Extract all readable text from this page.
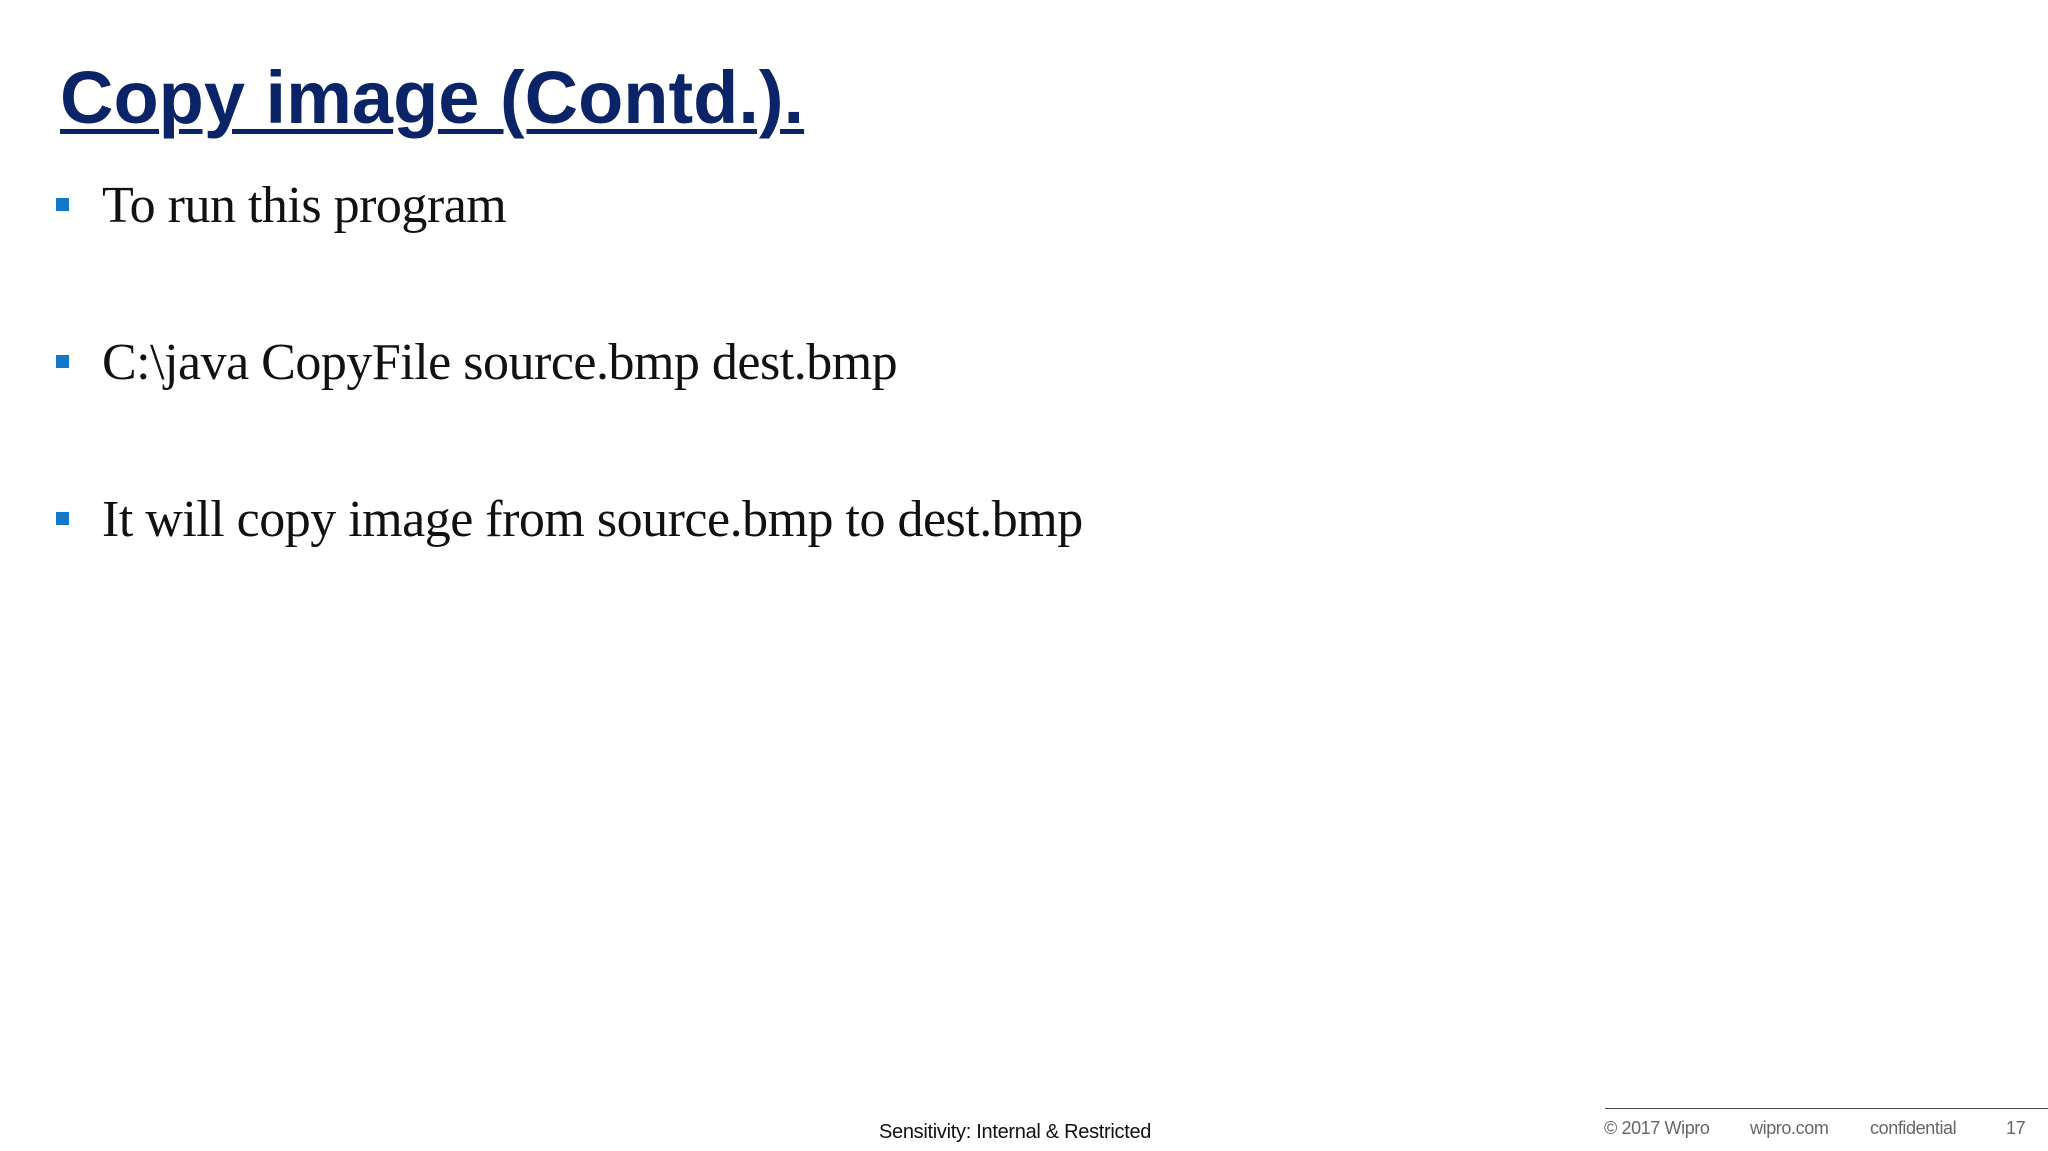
Copy image (Contd.).
To run this program
C:\java CopyFile source.bmp dest.bmp
It will copy image from source.bmp to dest.bmp
Sensitivity: Internal & Restricted	© 2017 Wipro wipro.com confidential	17
